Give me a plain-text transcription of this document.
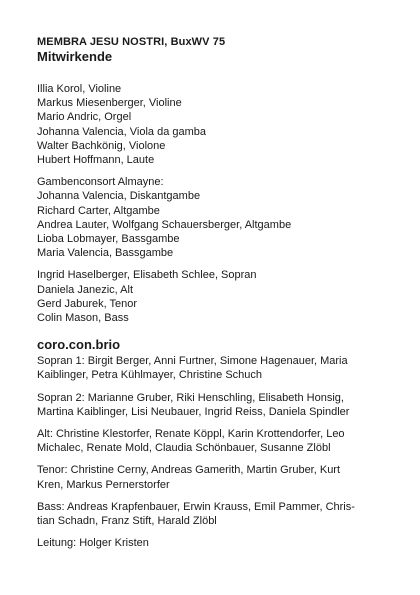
MEMBRA JESU NOSTRI, BuxWV 75
Mitwirkende
Illia Korol, Violine
Markus Miesenberger, Violine
Mario Andric, Orgel
Johanna Valencia, Viola da gamba
Walter Bachkönig, Violone
Hubert Hoffmann, Laute
Gambenconsort Almayne:
Johanna Valencia, Diskantgambe
Richard Carter, Altgambe
Andrea Lauter, Wolfgang Schauersberger, Altgambe
Lioba Lobmayer, Bassgambe
Maria Valencia, Bassgambe
Ingrid Haselberger, Elisabeth Schlee, Sopran
Daniela Janezic, Alt
Gerd Jaburek, Tenor
Colin Mason, Bass
coro.con.brio
Sopran 1: Birgit Berger, Anni Furtner, Simone Hagenauer, Maria
Kaiblinger, Petra Kühlmayer, Christine Schuch
Sopran 2: Marianne Gruber, Riki Henschling, Elisabeth Honsig,
Martina Kaiblinger, Lisi Neubauer, Ingrid Reiss, Daniela Spindler
Alt: Christine Klestorfer, Renate Köppl, Karin Krottendorfer, Leo
Michalec, Renate Mold, Claudia Schönbauer, Susanne Zlöbl
Tenor: Christine Cerny, Andreas Gamerith, Martin Gruber, Kurt
Kren, Markus Pernerstorfer
Bass: Andreas Krapfenbauer, Erwin Krauss, Emil Pammer, Chris-
tian Schadn, Franz Stift, Harald Zlöbl
Leitung: Holger Kristen
